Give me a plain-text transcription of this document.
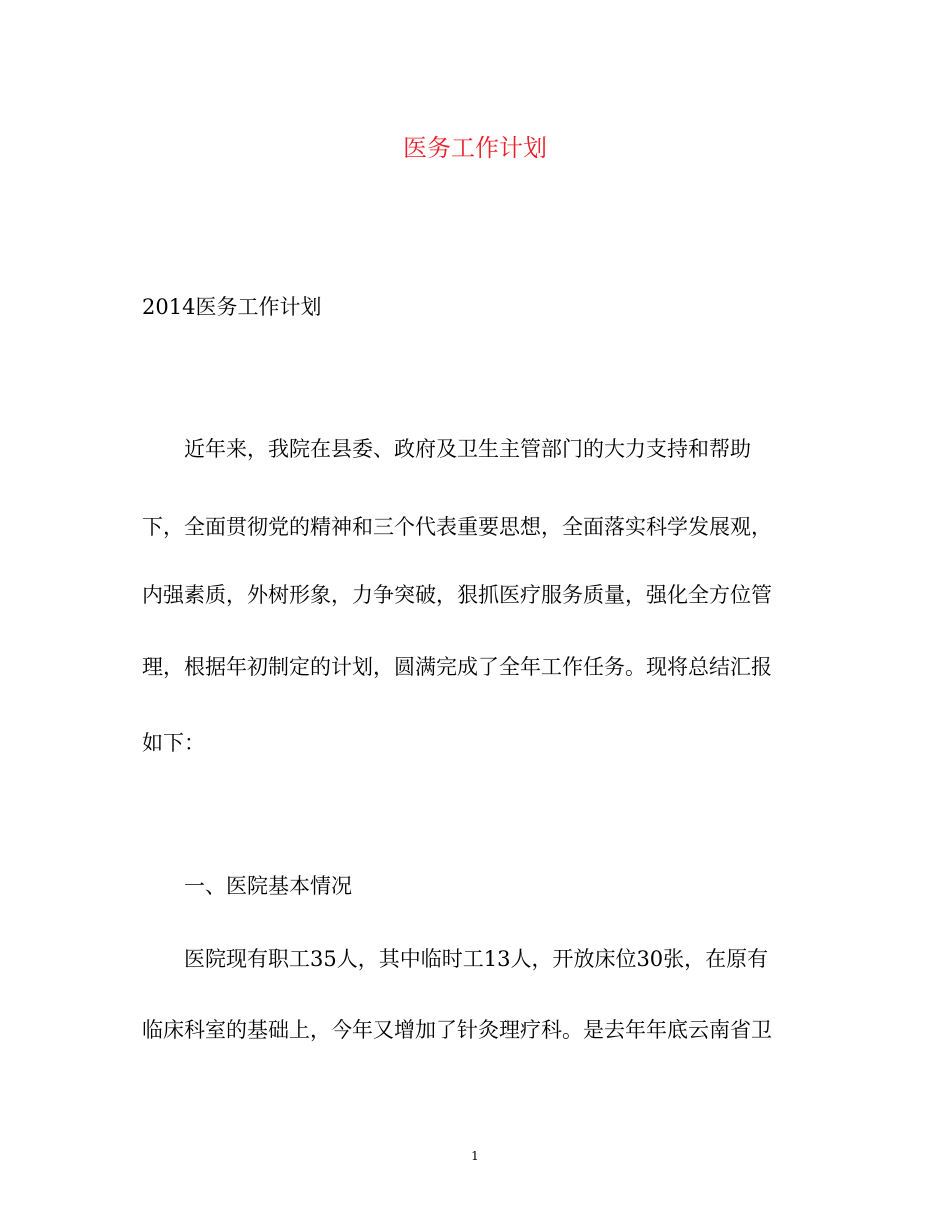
医务工作计划

2014医务工作计划

近年来，我院在县委、政府及卫生主管部门的大力支持和帮助

下，全面贯彻党的精神和三个代表重要思想，全面落实科学发展观，

内强素质，外树形象，力争突破，狠抓医疗服务质量，强化全方位管

理，根据年初制定的计划，圆满完成了全年工作任务。现将总结汇报

如下：

一、医院基本情况

医院现有职工35人，其中临时工13人，开放床位30张，在原有

临床科室的基础上，今年又增加了针灸理疗科。是去年年底云南省卫

1
